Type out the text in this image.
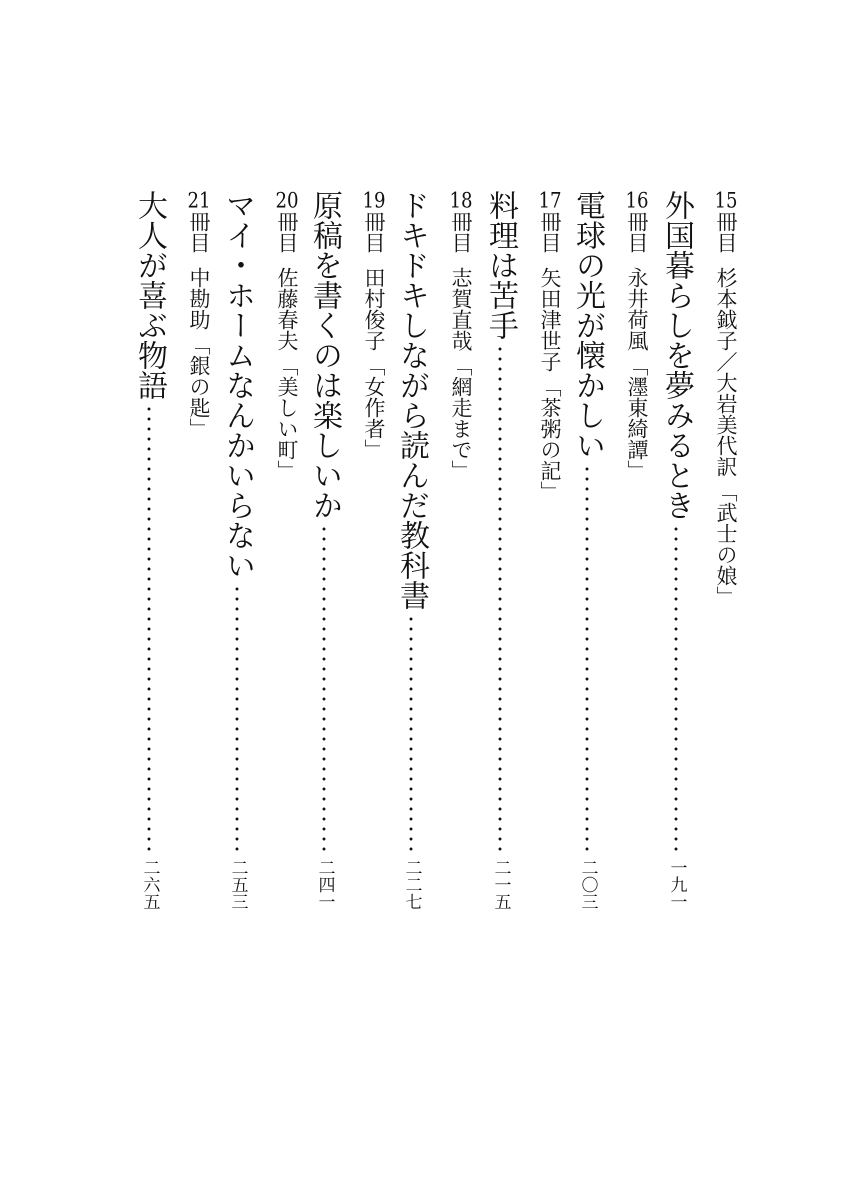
15冊目杉本鉞子／大岩美代訳「武士の娘」
外国暮らしを夢みるとき
一九一
16冊目永井荷風「濹東綺譚」
電球の光が懐かしい
二〇三
17冊目矢田津世子「茶粥の記」
料理は苦手
二一五
18冊目志賀直哉「網走まで」
ドキドキしながら読んだ教科書
二二七
19冊目田村俊子「女作者」
原稿を書くのは楽しいか
二四一
20冊目佐藤春夫「美しい町」
マイ・ホームなんかいらない
二五三
21冊目中勘助「銀の匙」
大人が喜ぶ物語
二六五
